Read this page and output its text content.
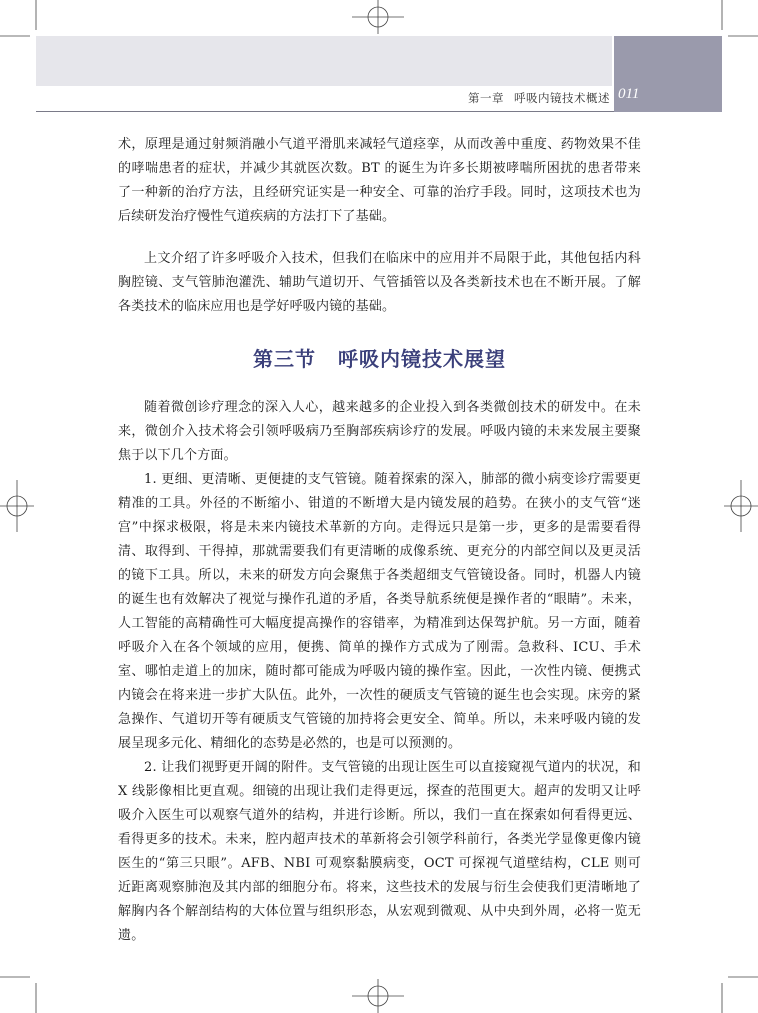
第一章 呼吸内镜技术概述 011

术，原理是通过射频消融小气道平滑肌来减轻气道痉挛，从而改善中重度、药物效果不佳的哮喘患者的症状，并减少其就医次数。BT 的诞生为许多长期被哮喘所困扰的患者带来了一种新的治疗方法，且经研究证实是一种安全、可靠的治疗手段。同时，这项技术也为后续研发治疗慢性气道疾病的方法打下了基础。

上文介绍了许多呼吸介入技术，但我们在临床中的应用并不局限于此，其他包括内科胸腔镜、支气管肺泡灌洗、辅助气道切开、气管插管以及各类新技术也在不断开展。了解各类技术的临床应用也是学好呼吸内镜的基础。

第三节 呼吸内镜技术展望

随着微创诊疗理念的深入人心，越来越多的企业投入到各类微创技术的研发中。在未来，微创介入技术将会引领呼吸病乃至胸部疾病诊疗的发展。呼吸内镜的未来发展主要聚焦于以下几个方面。

1. 更细、更清晰、更便捷的支气管镜。随着探索的深入，肺部的微小病变诊疗需要更精准的工具。外径的不断缩小、钳道的不断增大是内镜发展的趋势。在狭小的支气管“迷宫”中探求极限，将是未来内镜技术革新的方向。走得远只是第一步，更多的是需要看得清、取得到、干得掉，那就需要我们有更清晰的成像系统、更充分的内部空间以及更灵活的镜下工具。所以，未来的研发方向会聚焦于各类超细支气管镜设备。同时，机器人内镜的诞生也有效解决了视觉与操作孔道的矛盾，各类导航系统便是操作者的“眼睛”。未来，人工智能的高精确性可大幅度提高操作的容错率，为精准到达保驾护航。另一方面，随着呼吸介入在各个领域的应用，便携、简单的操作方式成为了刚需。急救科、ICU、手术室、哪怕走道上的加床，随时都可能成为呼吸内镜的操作室。因此，一次性内镜、便携式内镜会在将来进一步扩大队伍。此外，一次性的硬质支气管镜的诞生也会实现。床旁的紧急操作、气道切开等有硬质支气管镜的加持将会更安全、简单。所以，未来呼吸内镜的发展呈现多元化、精细化的态势是必然的，也是可以预测的。

2. 让我们视野更开阔的附件。支气管镜的出现让医生可以直接窥视气道内的状况，和 X 线影像相比更直观。细镜的出现让我们走得更远，探查的范围更大。超声的发明又让呼吸介入医生可以观察气道外的结构，并进行诊断。所以，我们一直在探索如何看得更远、看得更多的技术。未来，腔内超声技术的革新将会引领学科前行，各类光学显像更像内镜医生的“第三只眼”。AFB、NBI 可观察黏膜病变，OCT 可探视气道壁结构，CLE 则可近距离观察肺泡及其内部的细胞分布。将来，这些技术的发展与衍生会使我们更清晰地了解胸内各个解剖结构的大体位置与组织形态，从宏观到微观、从中央到外周，必将一览无遗。
